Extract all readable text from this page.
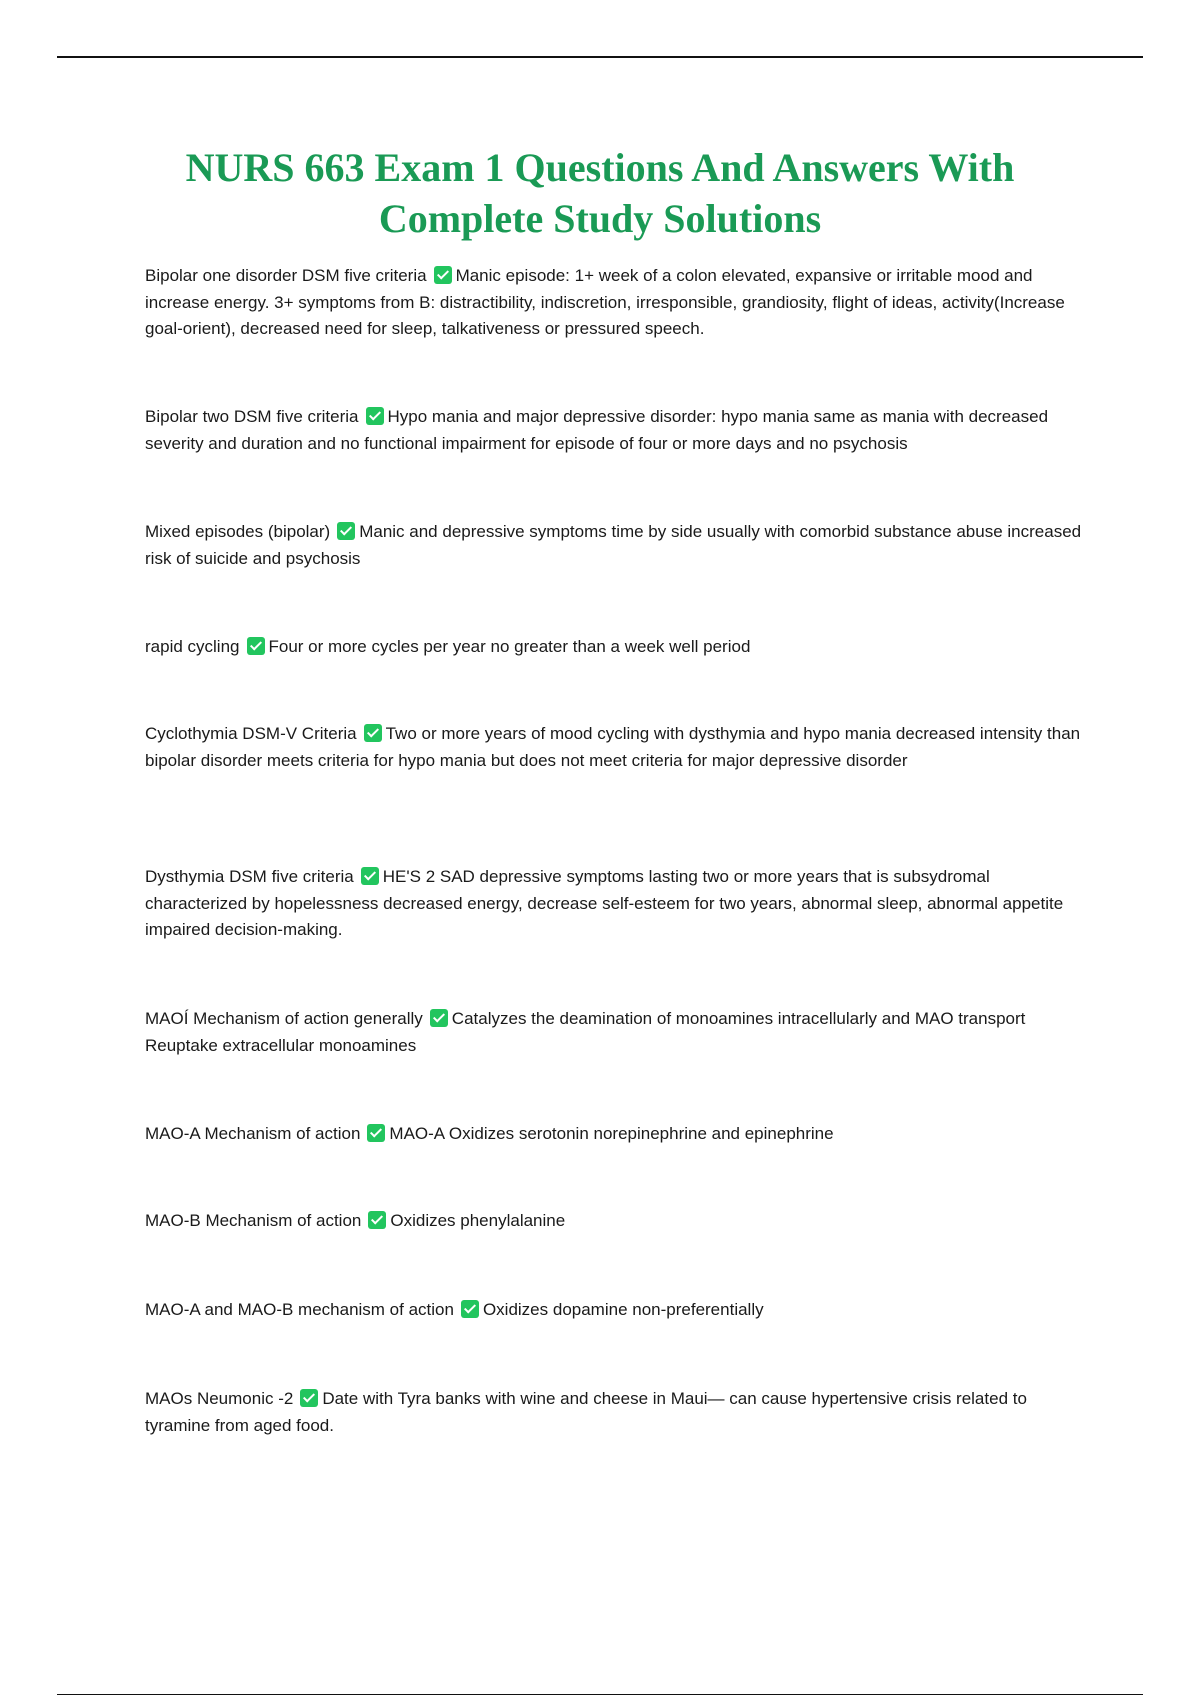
NURS 663 Exam 1 Questions And Answers With
Complete Study Solutions

Bipolar one disorder DSM five criteria Manic episode: 1+ week of a colon elevated, expansive or irritable mood and increase energy. 3+ symptoms from B: distractibility, indiscretion, irresponsible, grandiosity, flight of ideas, activity(Increase goal-orient), decreased need for sleep, talkativeness or pressured speech.

Bipolar two DSM five criteria Hypo mania and major depressive disorder: hypo mania same as mania with decreased severity and duration and no functional impairment for episode of four or more days and no psychosis

Mixed episodes (bipolar) Manic and depressive symptoms time by side usually with comorbid substance abuse increased risk of suicide and psychosis

rapid cycling Four or more cycles per year no greater than a week well period

Cyclothymia DSM-V Criteria Two or more years of mood cycling with dysthymia and hypo mania decreased intensity than bipolar disorder meets criteria for hypo mania but does not meet criteria for major depressive disorder

Dysthymia DSM five criteria HE'S 2 SAD depressive symptoms lasting two or more years that is subsydromal characterized by hopelessness decreased energy, decrease self-esteem for two years, abnormal sleep, abnormal appetite impaired decision-making.

MAOÍ Mechanism of action generally Catalyzes the deamination of monoamines intracellularly and MAO transport Reuptake extracellular monoamines

MAO-A Mechanism of action MAO-A Oxidizes serotonin norepinephrine and epinephrine

MAO-B Mechanism of action Oxidizes phenylalanine

MAO-A and MAO-B mechanism of action Oxidizes dopamine non-preferentially

MAOs Neumonic -2 Date with Tyra banks with wine and cheese in Maui— can cause hypertensive crisis related to tyramine from aged food.
